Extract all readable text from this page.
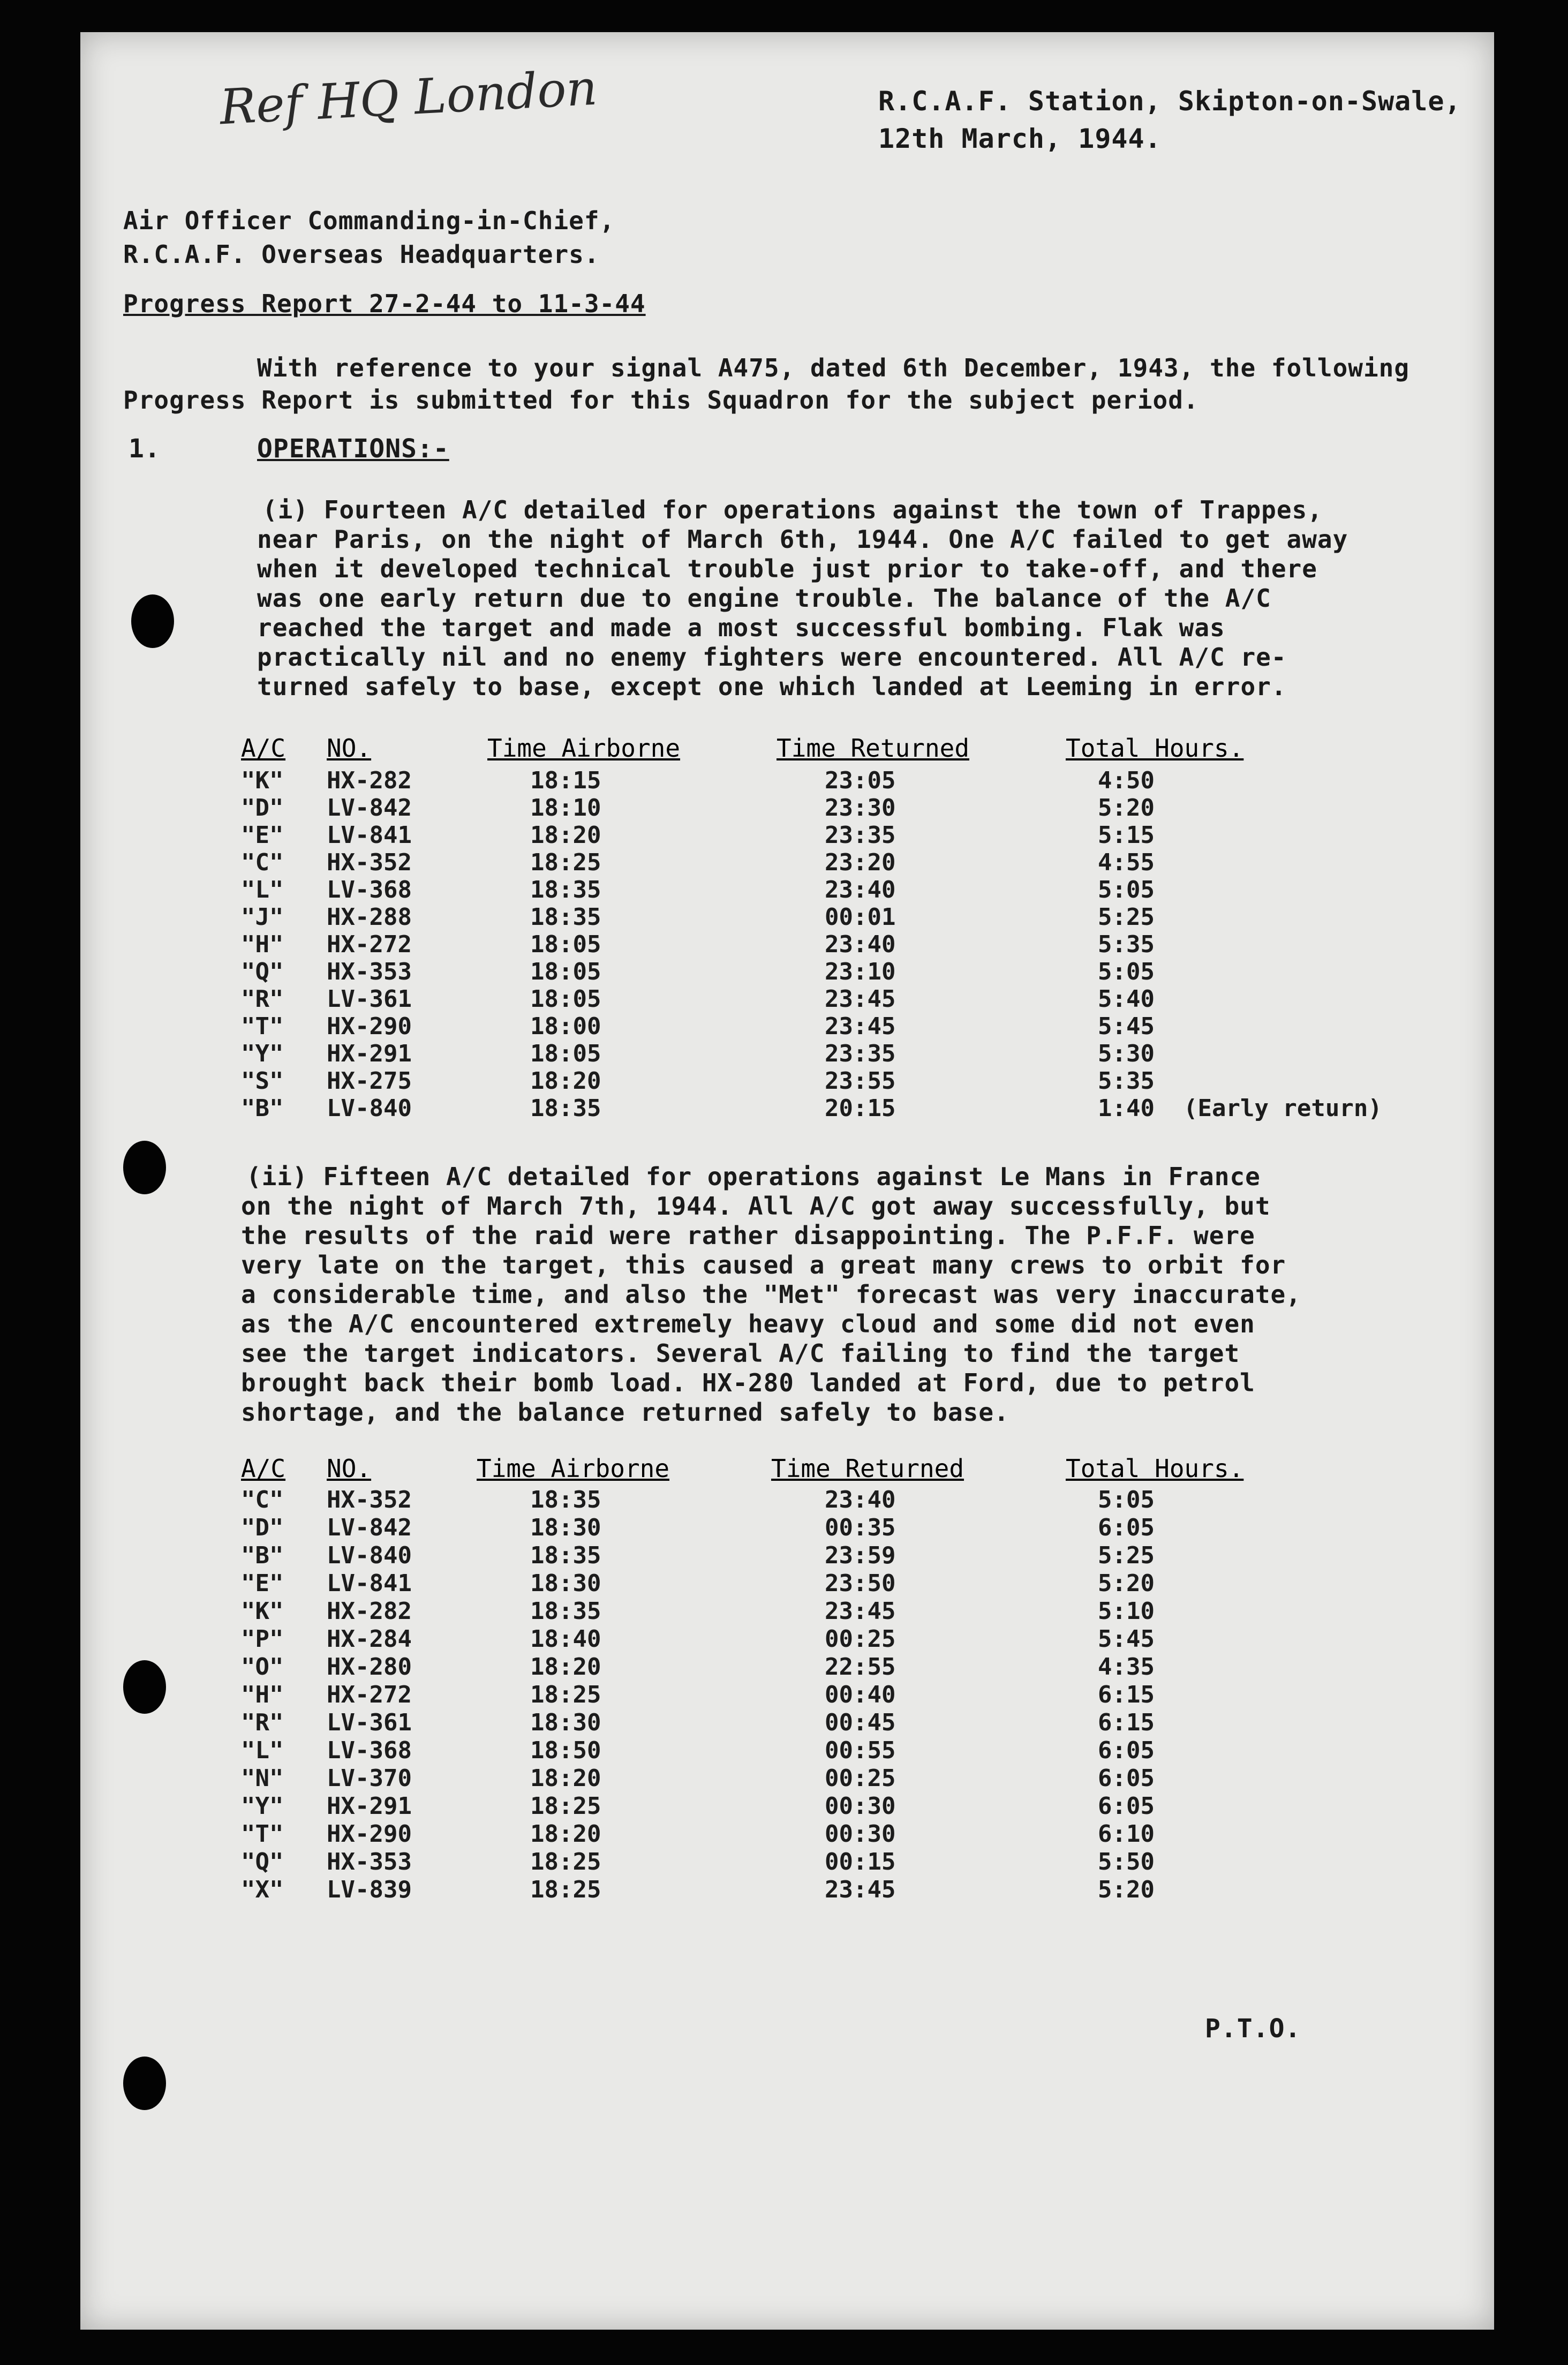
Ref HQ London	R.C.A.F. Station, Skipton-on-Swale,
12th March, 1944.
Air Officer Commanding-in-Chief,
R.C.A.F. Overseas Headquarters.
Progress Report 27-2-44 to 11-3-44
With reference to your signal A475, dated 6th December, 1943, the following
Progress Report is submitted for this Squadron for the subject period.
1.	OPERATIONS:-
(i) Fourteen A/C detailed for operations against the town of Trappes,
near Paris, on the night of March 6th, 1944. One A/C failed to get away
when it developed technical trouble just prior to take-off, and there
was one early return due to engine trouble. The balance of the A/C
reached the target and made a most successful bombing. Flak was
practically nil and no enemy fighters were encountered. All A/C re-
turned safely to base, except one which landed at Leeming in error.
A/C NO.	Time Airborne	Time Returned	Total Hours.
"K" HX-282	18:15	23:05	4:50
"D" LV-842	18:10	23:30	5:20
"E" LV-841	18:20	23:35	5:15
"C" HX-352	18:25	23:20	4:55
"L" LV-368	18:35	23:40	5:05
"J" HX-288	18:35	00:01	5:25
"H" HX-272	18:05	23:40	5:35
"Q" HX-353	18:05	23:10	5:05
"R" LV-361	18:05	23:45	5:40
"T" HX-290	18:00	23:45	5:45
"Y" HX-291	18:05	23:35	5:30
"S" HX-275	18:20	23:55	5:35
"B" LV-840	18:35	20:15	1:40 (Early return)
(ii) Fifteen A/C detailed for operations against Le Mans in France
on the night of March 7th, 1944. All A/C got away successfully, but
the results of the raid were rather disappointing. The P.F.F. were
very late on the target, this caused a great many crews to orbit for
a considerable time, and also the "Met" forecast was very inaccurate,
as the A/C encountered extremely heavy cloud and some did not even
see the target indicators. Several A/C failing to find the target
brought back their bomb load. HX-280 landed at Ford, due to petrol
shortage, and the balance returned safely to base.
A/C NO.	Time Airborne	Time Returned	Total Hours.
"C" HX-352	18:35	23:40	5:05
"D" LV-842	18:30	00:35	6:05
"B" LV-840	18:35	23:59	5:25
"E" LV-841	18:30	23:50	5:20
"K" HX-282	18:35	23:45	5:10
"P" HX-284	18:40	00:25	5:45
"O" HX-280	18:20	22:55	4:35
"H" HX-272	18:25	00:40	6:15
"R" LV-361	18:30	00:45	6:15
"L" LV-368	18:50	00:55	6:05
"N" LV-370	18:20	00:25	6:05
"Y" HX-291	18:25	00:30	6:05
"T" HX-290	18:20	00:30	6:10
"Q" HX-353	18:25	00:15	5:50
"X" LV-839	18:25	23:45	5:20
P.T.O.
